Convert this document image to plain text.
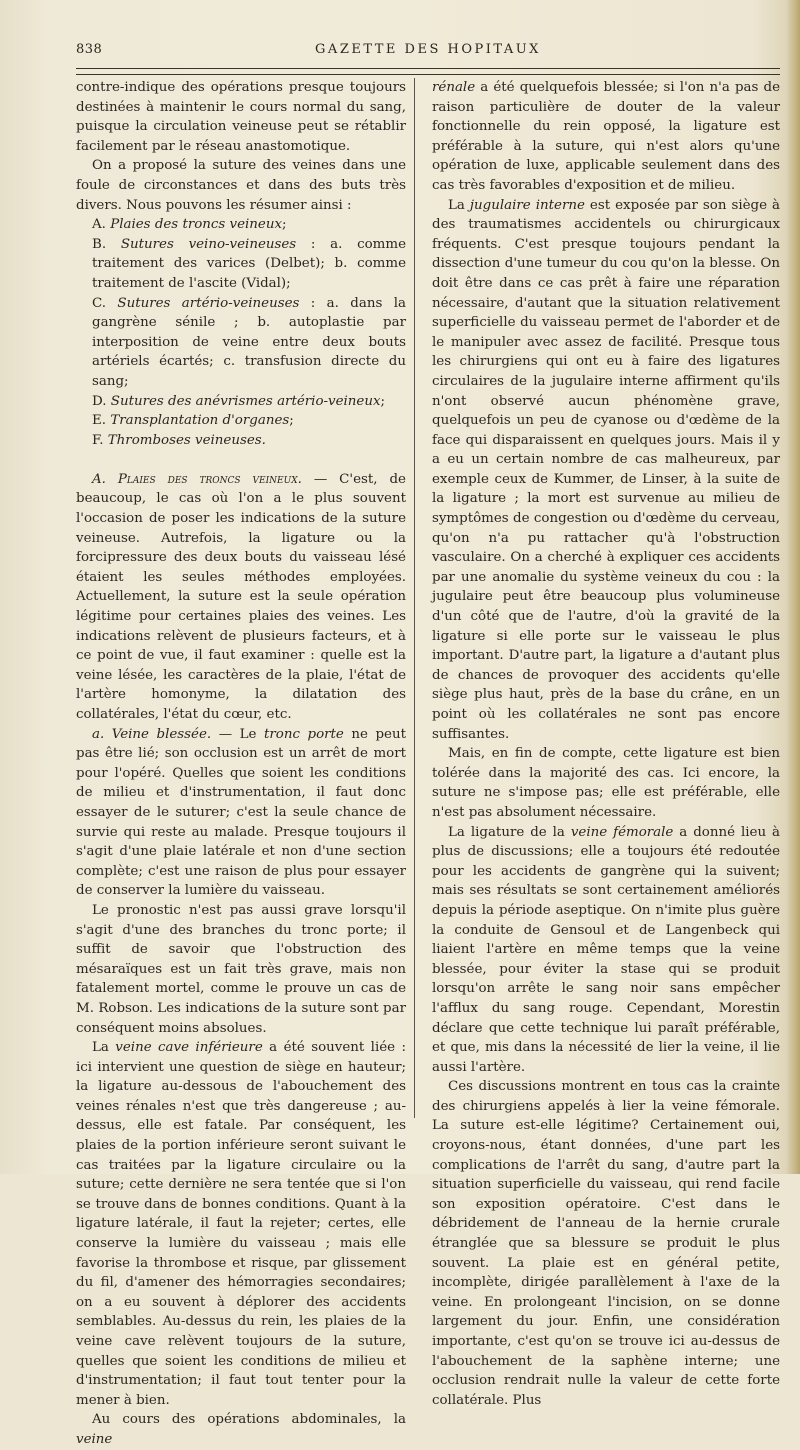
838	GAZETTE DES HOPITAUX

contre-indique des opérations presque toujours destinées à maintenir le cours normal du sang, puisque la circulation veineuse peut se rétablir facilement par le réseau anastomotique.

On a proposé la suture des veines dans une foule de circonstances et dans des buts très divers. Nous pouvons les résumer ainsi :

A. Plaies des troncs veineux;

B. Sutures veino-veineuses : a. comme traitement des varices (Delbet); b. comme traitement de l'ascite (Vidal);

C. Sutures artério-veineuses : a. dans la gangrène sénile ; b. autoplastie par interposition de veine entre deux bouts artériels écartés; c. transfusion directe du sang;

D. Sutures des anévrismes artério-veineux;

E. Transplantation d'organes;

F. Thromboses veineuses.

A. Plaies des troncs veineux. — C'est, de beaucoup, le cas où l'on a le plus souvent l'occasion de poser les indications de la suture veineuse. Autrefois, la ligature ou la forcipressure des deux bouts du vaisseau lésé étaient les seules méthodes employées. Actuellement, la suture est la seule opération légitime pour certaines plaies des veines. Les indications relèvent de plusieurs facteurs, et à ce point de vue, il faut examiner : quelle est la veine lésée, les caractères de la plaie, l'état de l'artère homonyme, la dilatation des collatérales, l'état du cœur, etc.

a. Veine blessée. — Le tronc porte ne peut pas être lié; son occlusion est un arrêt de mort pour l'opéré. Quelles que soient les conditions de milieu et d'instrumentation, il faut donc essayer de le suturer; c'est la seule chance de survie qui reste au malade. Presque toujours il s'agit d'une plaie latérale et non d'une section complète; c'est une raison de plus pour essayer de conserver la lumière du vaisseau.

Le pronostic n'est pas aussi grave lorsqu'il s'agit d'une des branches du tronc porte; il suffit de savoir que l'obstruction des mésaraïques est un fait très grave, mais non fatalement mortel, comme le prouve un cas de M. Robson. Les indications de la suture sont par conséquent moins absolues.

La veine cave inférieure a été souvent liée : ici intervient une question de siège en hauteur; la ligature au-dessous de l'abouchement des veines rénales n'est que très dangereuse ; au-dessus, elle est fatale. Par conséquent, les plaies de la portion inférieure seront suivant le cas traitées par la ligature circulaire ou la suture; cette dernière ne sera tentée que si l'on se trouve dans de bonnes conditions. Quant à la ligature latérale, il faut la rejeter; certes, elle conserve la lumière du vaisseau ; mais elle favorise la thrombose et risque, par glissement du fil, d'amener des hémorragies secondaires; on a eu souvent à déplorer des accidents semblables. Au-dessus du rein, les plaies de la veine cave relèvent toujours de la suture, quelles que soient les conditions de milieu et d'instrumentation; il faut tout tenter pour la mener à bien.

Au cours des opérations abdominales, la veine

rénale a été quelquefois blessée; si l'on n'a pas de raison particulière de douter de la valeur fonctionnelle du rein opposé, la ligature est préférable à la suture, qui n'est alors qu'une opération de luxe, applicable seulement dans des cas très favorables d'exposition et de milieu.

La jugulaire interne est exposée par son siège à des traumatismes accidentels ou chirurgicaux fréquents. C'est presque toujours pendant la dissection d'une tumeur du cou qu'on la blesse. On doit être dans ce cas prêt à faire une réparation nécessaire, d'autant que la situation relativement superficielle du vaisseau permet de l'aborder et de le manipuler avec assez de facilité. Presque tous les chirurgiens qui ont eu à faire des ligatures circulaires de la jugulaire interne affirment qu'ils n'ont observé aucun phénomène grave, quelquefois un peu de cyanose ou d'œdème de la face qui disparaissent en quelques jours. Mais il y a eu un certain nombre de cas malheureux, par exemple ceux de Kummer, de Linser, à la suite de la ligature ; la mort est survenue au milieu de symptômes de congestion ou d'œdème du cerveau, qu'on n'a pu rattacher qu'à l'obstruction vasculaire. On a cherché à expliquer ces accidents par une anomalie du système veineux du cou : la jugulaire peut être beaucoup plus volumineuse d'un côté que de l'autre, d'où la gravité de la ligature si elle porte sur le vaisseau le plus important. D'autre part, la ligature a d'autant plus de chances de provoquer des accidents qu'elle siège plus haut, près de la base du crâne, en un point où les collatérales ne sont pas encore suffisantes.

Mais, en fin de compte, cette ligature est bien tolérée dans la majorité des cas. Ici encore, la suture ne s'impose pas; elle est préférable, elle n'est pas absolument nécessaire.

La ligature de la veine fémorale a donné lieu à plus de discussions; elle a toujours été redoutée pour les accidents de gangrène qui la suivent; mais ses résultats se sont certainement améliorés depuis la période aseptique. On n'imite plus guère la conduite de Gensoul et de Langenbeck qui liaient l'artère en même temps que la veine blessée, pour éviter la stase qui se produit lorsqu'on arrête le sang noir sans empêcher l'afflux du sang rouge. Cependant, Morestin déclare que cette technique lui paraît préférable, et que, mis dans la nécessité de lier la veine, il lie aussi l'artère.

Ces discussions montrent en tous cas la crainte des chirurgiens appelés à lier la veine fémorale. La suture est-elle légitime? Certainement oui, croyons-nous, étant données, d'une part les complications de l'arrêt du sang, d'autre part la situation superficielle du vaisseau, qui rend facile son exposition opératoire. C'est dans le débridement de l'anneau de la hernie crurale étranglée que sa blessure se produit le plus souvent. La plaie est en général petite, incomplète, dirigée parallèlement à l'axe de la veine. En prolongeant l'incision, on se donne largement du jour. Enfin, une considération importante, c'est qu'on se trouve ici au-dessus de l'abouchement de la saphène interne; une occlusion rendrait nulle la valeur de cette forte collatérale. Plus
